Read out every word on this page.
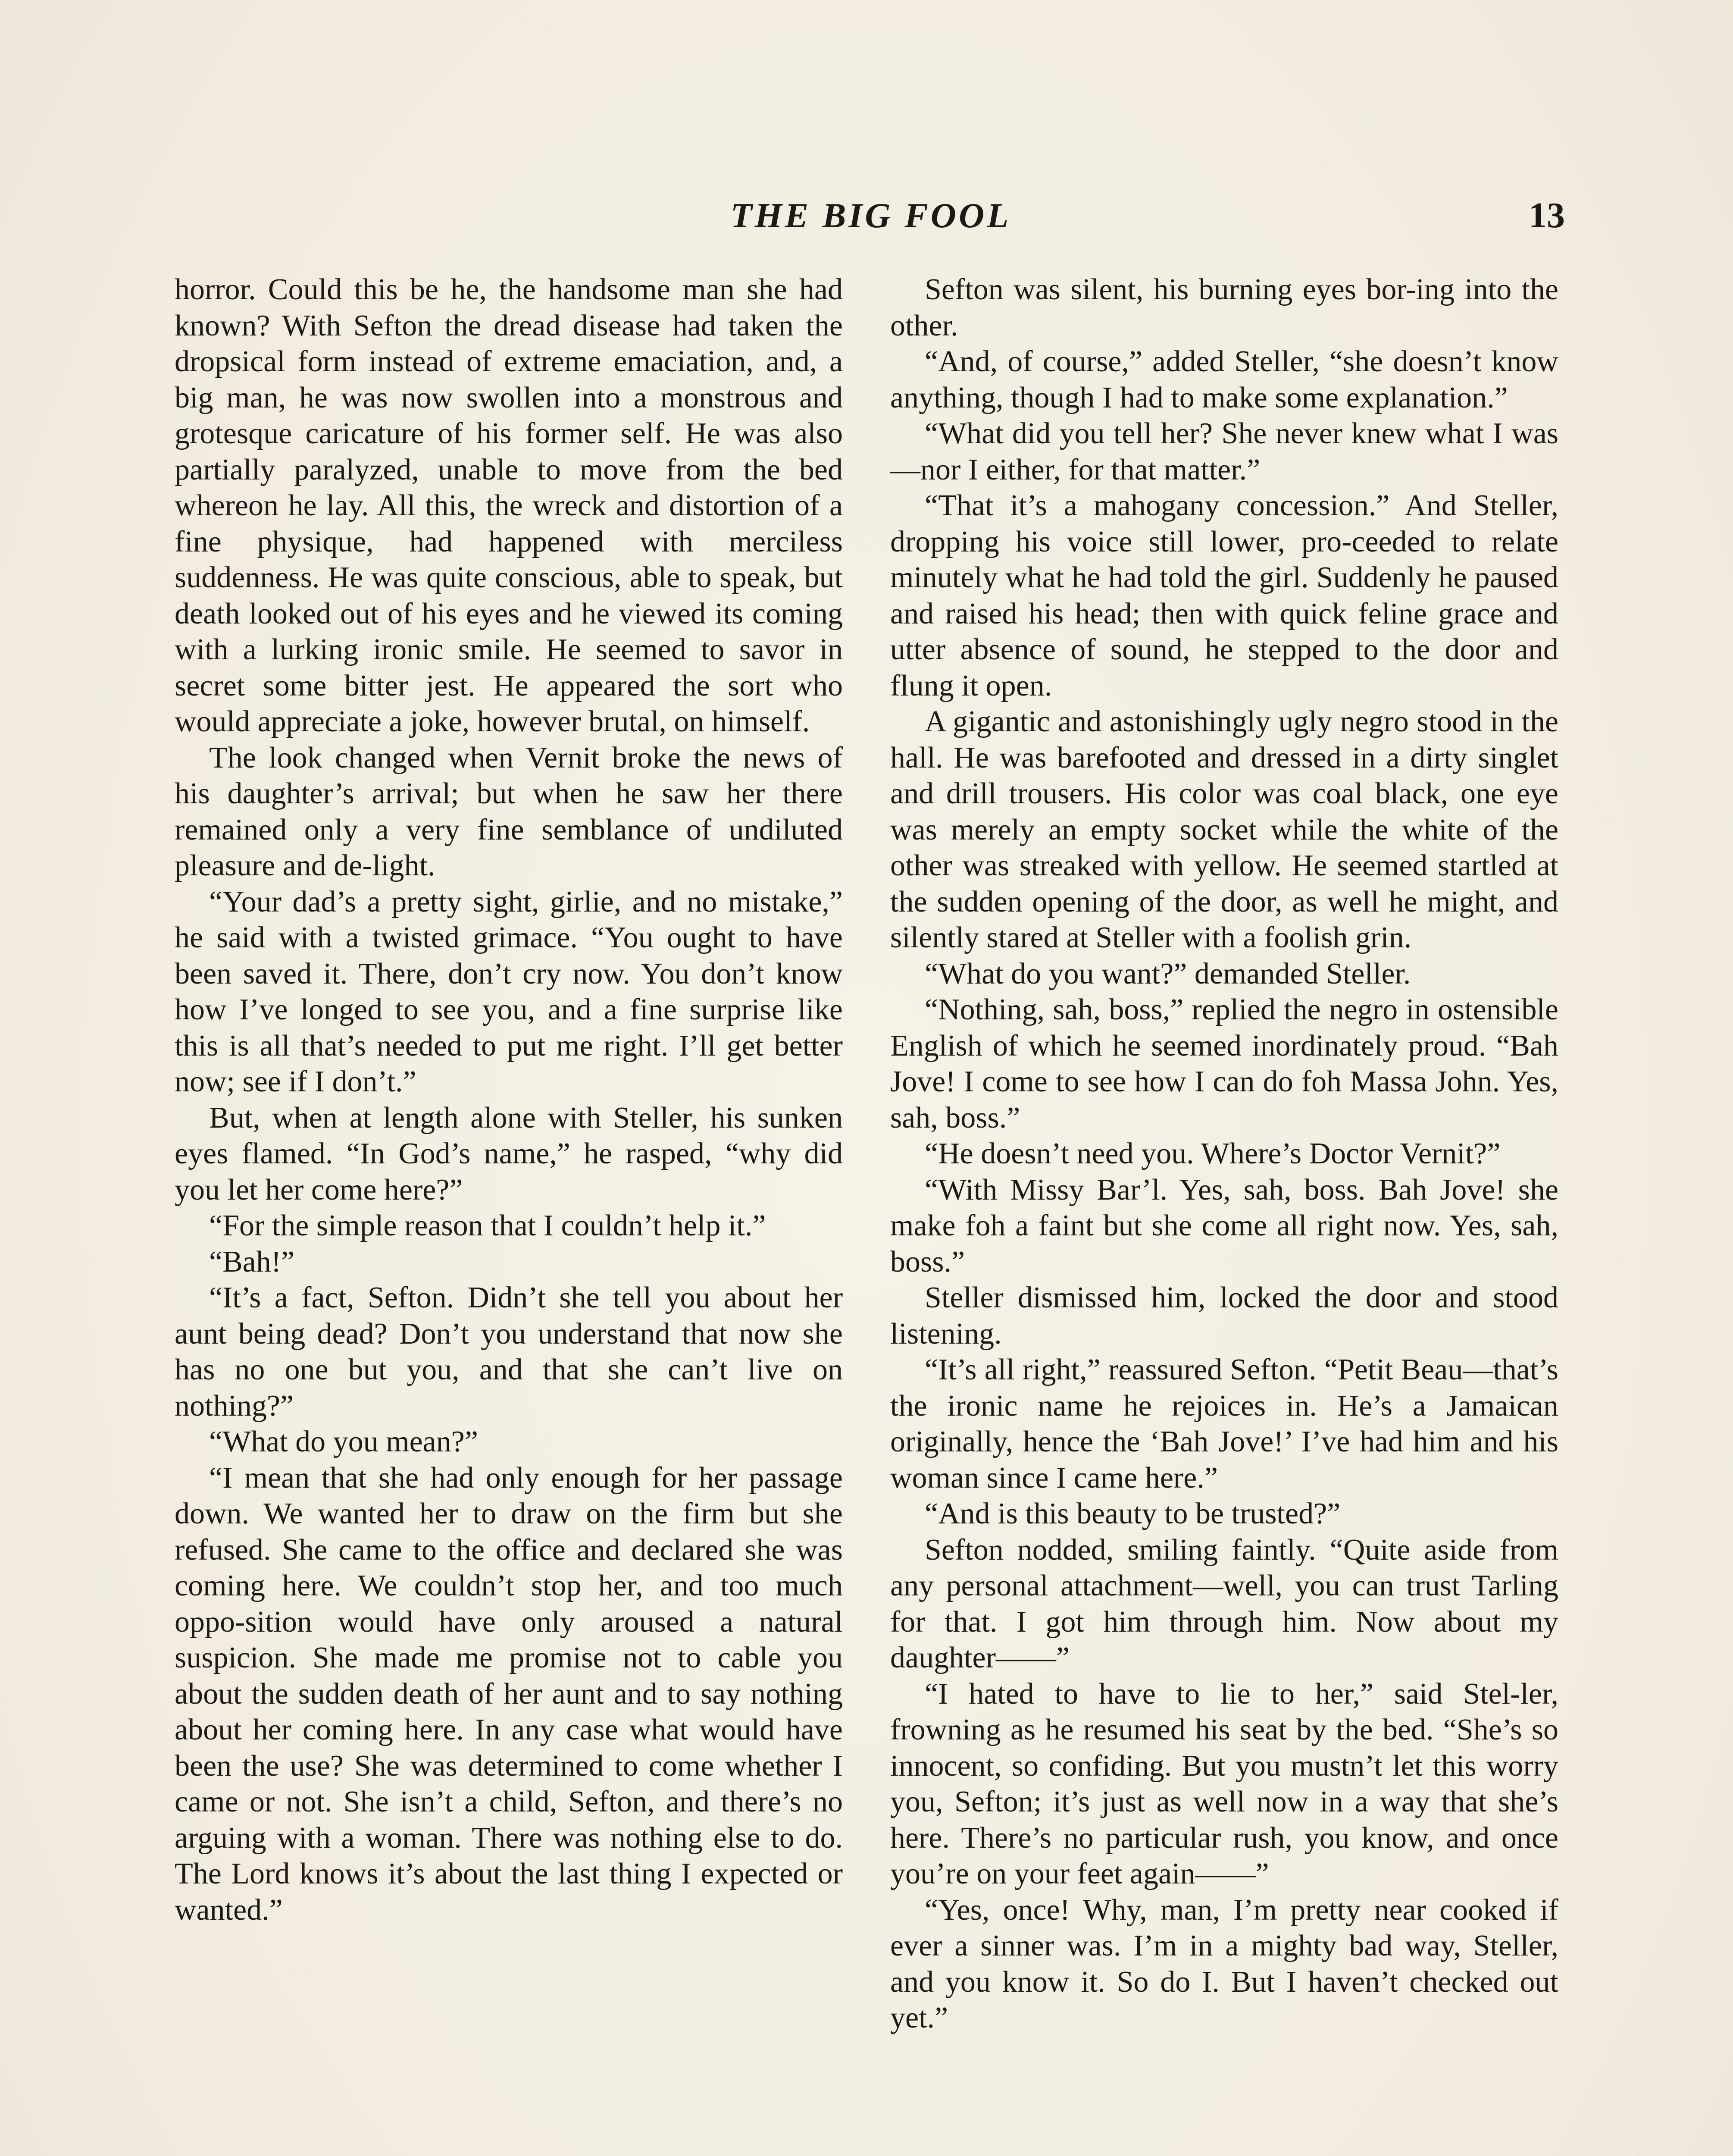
THE BIG FOOL	13

horror. Could this be he, the handsome man she had known? With Sefton the dread disease had taken the dropsical form instead of extreme emaciation, and, a big man, he was now swollen into a monstrous and grotesque caricature of his former self. He was also partially paralyzed, unable to move from the bed whereon he lay. All this, the wreck and distortion of a fine physique, had happened with merciless suddenness. He was quite conscious, able to speak, but death looked out of his eyes and he viewed its coming with a lurking ironic smile. He seemed to savor in secret some bitter jest. He appeared the sort who would appreciate a joke, however brutal, on himself.

The look changed when Vernit broke the news of his daughter’s arrival; but when he saw her there remained only a very fine semblance of undiluted pleasure and de-light.

“Your dad’s a pretty sight, girlie, and no mistake,” he said with a twisted grimace. “You ought to have been saved it. There, don’t cry now. You don’t know how I’ve longed to see you, and a fine surprise like this is all that’s needed to put me right. I’ll get better now; see if I don’t.”

But, when at length alone with Steller, his sunken eyes flamed. “In God’s name,” he rasped, “why did you let her come here?”

“For the simple reason that I couldn’t help it.”

“Bah!”

“It’s a fact, Sefton. Didn’t she tell you about her aunt being dead? Don’t you understand that now she has no one but you, and that she can’t live on nothing?”

“What do you mean?”

“I mean that she had only enough for her passage down. We wanted her to draw on the firm but she refused. She came to the office and declared she was coming here. We couldn’t stop her, and too much oppo-sition would have only aroused a natural suspicion. She made me promise not to cable you about the sudden death of her aunt and to say nothing about her coming here. In any case what would have been the use? She was determined to come whether I came or not. She isn’t a child, Sefton, and there’s no arguing with a woman. There was nothing else to do. The Lord knows it’s about the last thing I expected or wanted.”

Sefton was silent, his burning eyes bor-ing into the other.

“And, of course,” added Steller, “she doesn’t know anything, though I had to make some explanation.”

“What did you tell her? She never knew what I was—nor I either, for that matter.”

“That it’s a mahogany concession.” And Steller, dropping his voice still lower, pro-ceeded to relate minutely what he had told the girl. Suddenly he paused and raised his head; then with quick feline grace and utter absence of sound, he stepped to the door and flung it open.

A gigantic and astonishingly ugly negro stood in the hall. He was barefooted and dressed in a dirty singlet and drill trousers. His color was coal black, one eye was merely an empty socket while the white of the other was streaked with yellow. He seemed startled at the sudden opening of the door, as well he might, and silently stared at Steller with a foolish grin.

“What do you want?” demanded Steller.

“Nothing, sah, boss,” replied the negro in ostensible English of which he seemed inordinately proud. “Bah Jove! I come to see how I can do foh Massa John. Yes, sah, boss.”

“He doesn’t need you. Where’s Doctor Vernit?”

“With Missy Bar’l. Yes, sah, boss. Bah Jove! she make foh a faint but she come all right now. Yes, sah, boss.”

Steller dismissed him, locked the door and stood listening.

“It’s all right,” reassured Sefton. “Petit Beau—that’s the ironic name he rejoices in. He’s a Jamaican originally, hence the ‘Bah Jove!’ I’ve had him and his woman since I came here.”

“And is this beauty to be trusted?”

Sefton nodded, smiling faintly. “Quite aside from any personal attachment—well, you can trust Tarling for that. I got him through him. Now about my daughter——”

“I hated to have to lie to her,” said Stel-ler, frowning as he resumed his seat by the bed. “She’s so innocent, so confiding. But you mustn’t let this worry you, Sefton; it’s just as well now in a way that she’s here. There’s no particular rush, you know, and once you’re on your feet again——”

“Yes, once! Why, man, I’m pretty near cooked if ever a sinner was. I’m in a mighty bad way, Steller, and you know it. So do I. But I haven’t checked out yet.”
